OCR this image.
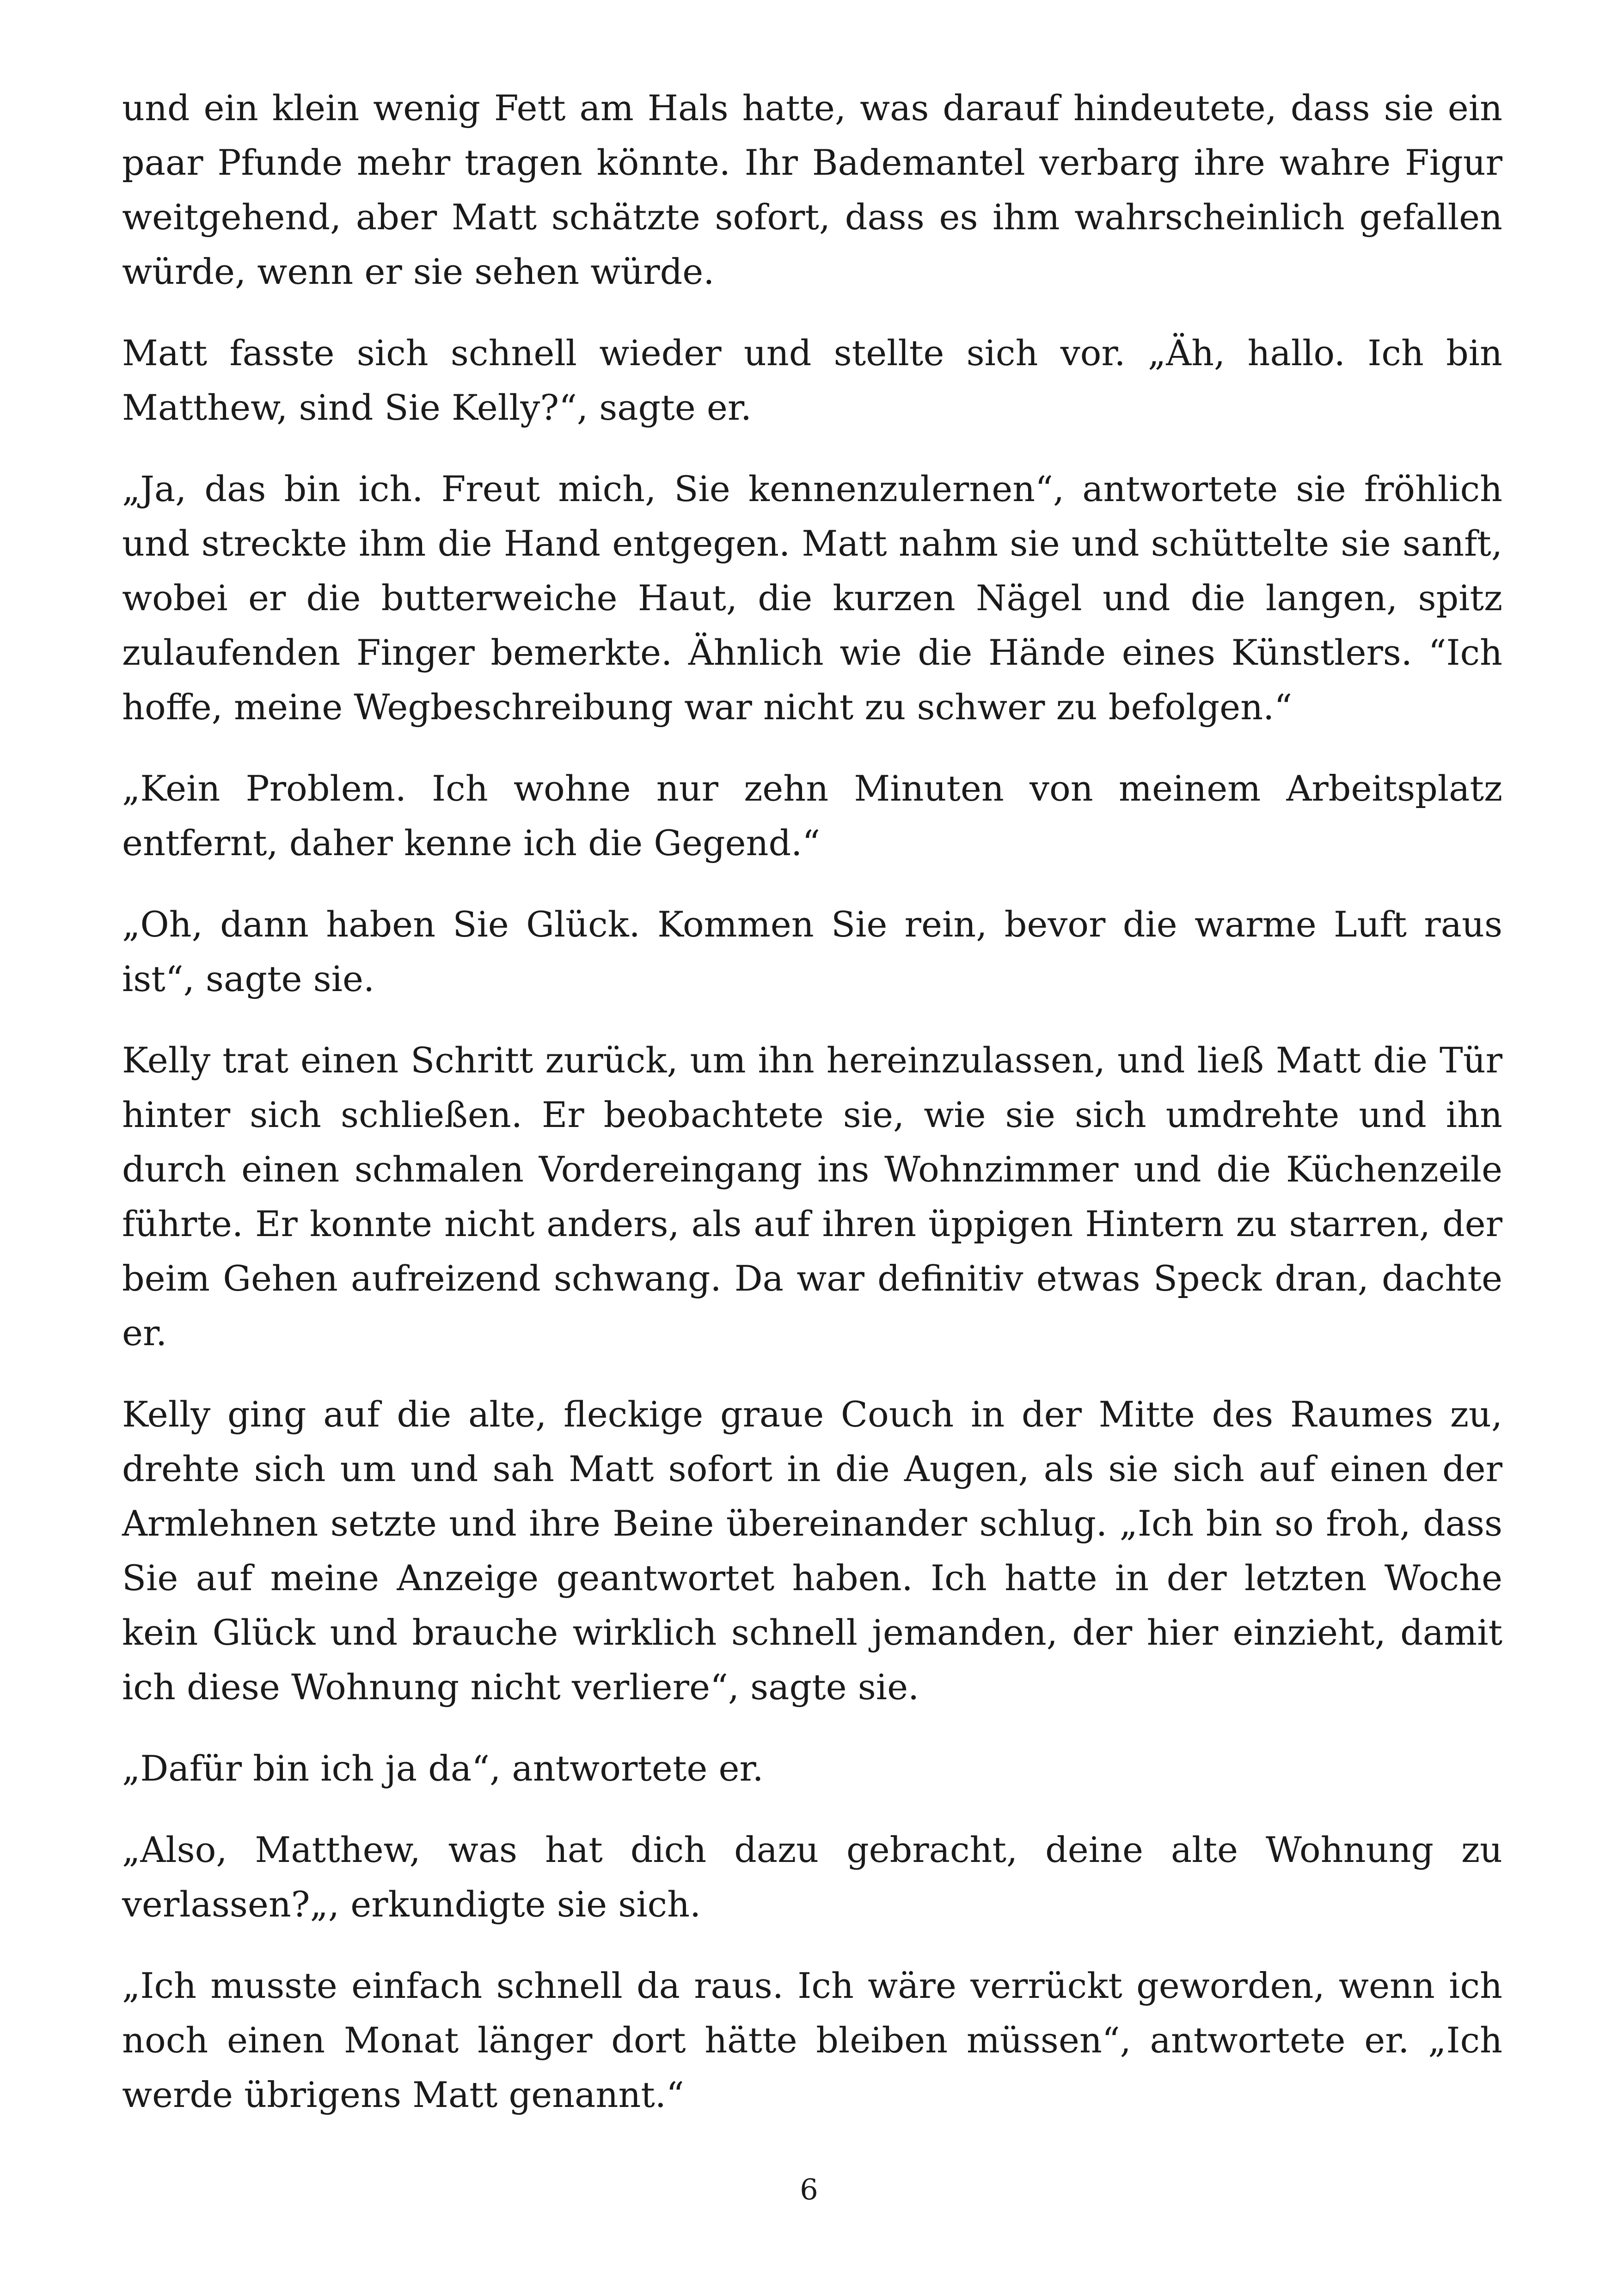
und ein klein wenig Fett am Hals hatte, was darauf hindeutete, dass sie ein paar Pfunde mehr tragen könnte. Ihr Bademantel verbarg ihre wahre Figur weitgehend, aber Matt schätzte sofort, dass es ihm wahrscheinlich gefallen würde, wenn er sie sehen würde.

Matt fasste sich schnell wieder und stellte sich vor. „Äh, hallo. Ich bin Matthew, sind Sie Kelly?“, sagte er.

„Ja, das bin ich. Freut mich, Sie kennenzulernen“, antwortete sie fröhlich und streckte ihm die Hand entgegen. Matt nahm sie und schüttelte sie sanft, wobei er die butterweiche Haut, die kurzen Nägel und die langen, spitz zulaufenden Finger bemerkte. Ähnlich wie die Hände eines Künstlers. “Ich hoffe, meine Wegbeschreibung war nicht zu schwer zu befolgen.“

„Kein Problem. Ich wohne nur zehn Minuten von meinem Arbeitsplatz entfernt, daher kenne ich die Gegend.“

„Oh, dann haben Sie Glück. Kommen Sie rein, bevor die warme Luft raus ist“, sagte sie.

Kelly trat einen Schritt zurück, um ihn hereinzulassen, und ließ Matt die Tür hinter sich schließen. Er beobachtete sie, wie sie sich umdrehte und ihn durch einen schmalen Vordereingang ins Wohnzimmer und die Küchenzeile führte. Er konnte nicht anders, als auf ihren üppigen Hintern zu starren, der beim Gehen aufreizend schwang. Da war definitiv etwas Speck dran, dachte er.

Kelly ging auf die alte, fleckige graue Couch in der Mitte des Raumes zu, drehte sich um und sah Matt sofort in die Augen, als sie sich auf einen der Armlehnen setzte und ihre Beine übereinander schlug. „Ich bin so froh, dass Sie auf meine Anzeige geantwortet haben. Ich hatte in der letzten Woche kein Glück und brauche wirklich schnell jemanden, der hier einzieht, damit ich diese Wohnung nicht verliere“, sagte sie.

„Dafür bin ich ja da“, antwortete er.

„Also, Matthew, was hat dich dazu gebracht, deine alte Wohnung zu verlassen?„, erkundigte sie sich.

„Ich musste einfach schnell da raus. Ich wäre verrückt geworden, wenn ich noch einen Monat länger dort hätte bleiben müssen“, antwortete er. „Ich werde übrigens Matt genannt.“

6
